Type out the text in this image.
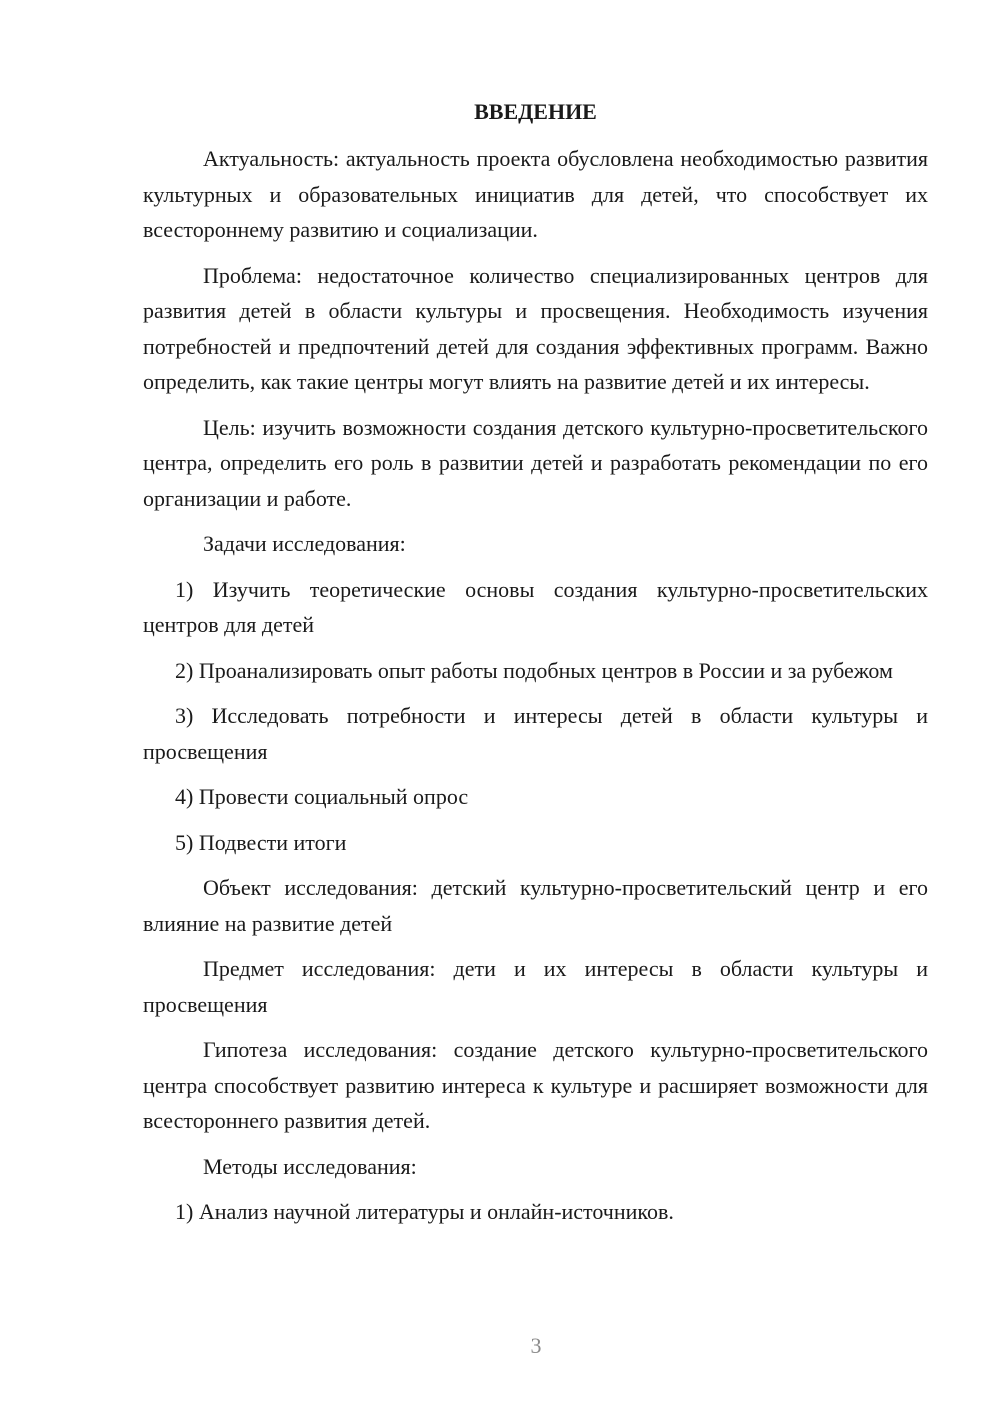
ВВЕДЕНИЕ

Актуальность: актуальность проекта обусловлена необходимостью развития культурных и образовательных инициатив для детей, что способствует их всестороннему развитию и социализации.

Проблема: недостаточное количество специализированных центров для развития детей в области культуры и просвещения. Необходимость изучения потребностей и предпочтений детей для создания эффективных программ. Важно определить, как такие центры могут влиять на развитие детей и их интересы.

Цель: изучить возможности создания детского культурно-просветительского центра, определить его роль в развитии детей и разработать рекомендации по его организации и работе.

Задачи исследования:

1) Изучить теоретические основы создания культурно-просветительских центров для детей

2) Проанализировать опыт работы подобных центров в России и за рубежом

3) Исследовать потребности и интересы детей в области культуры и просвещения

4) Провести социальный опрос

5) Подвести итоги

Объект исследования: детский культурно-просветительский центр и его влияние на развитие детей

Предмет исследования: дети и их интересы в области культуры и просвещения

Гипотеза исследования: создание детского культурно-просветительского центра способствует развитию интереса к культуре и расширяет возможности для всестороннего развития детей.

Методы исследования:

1) Анализ научной литературы и онлайн-источников.

3
